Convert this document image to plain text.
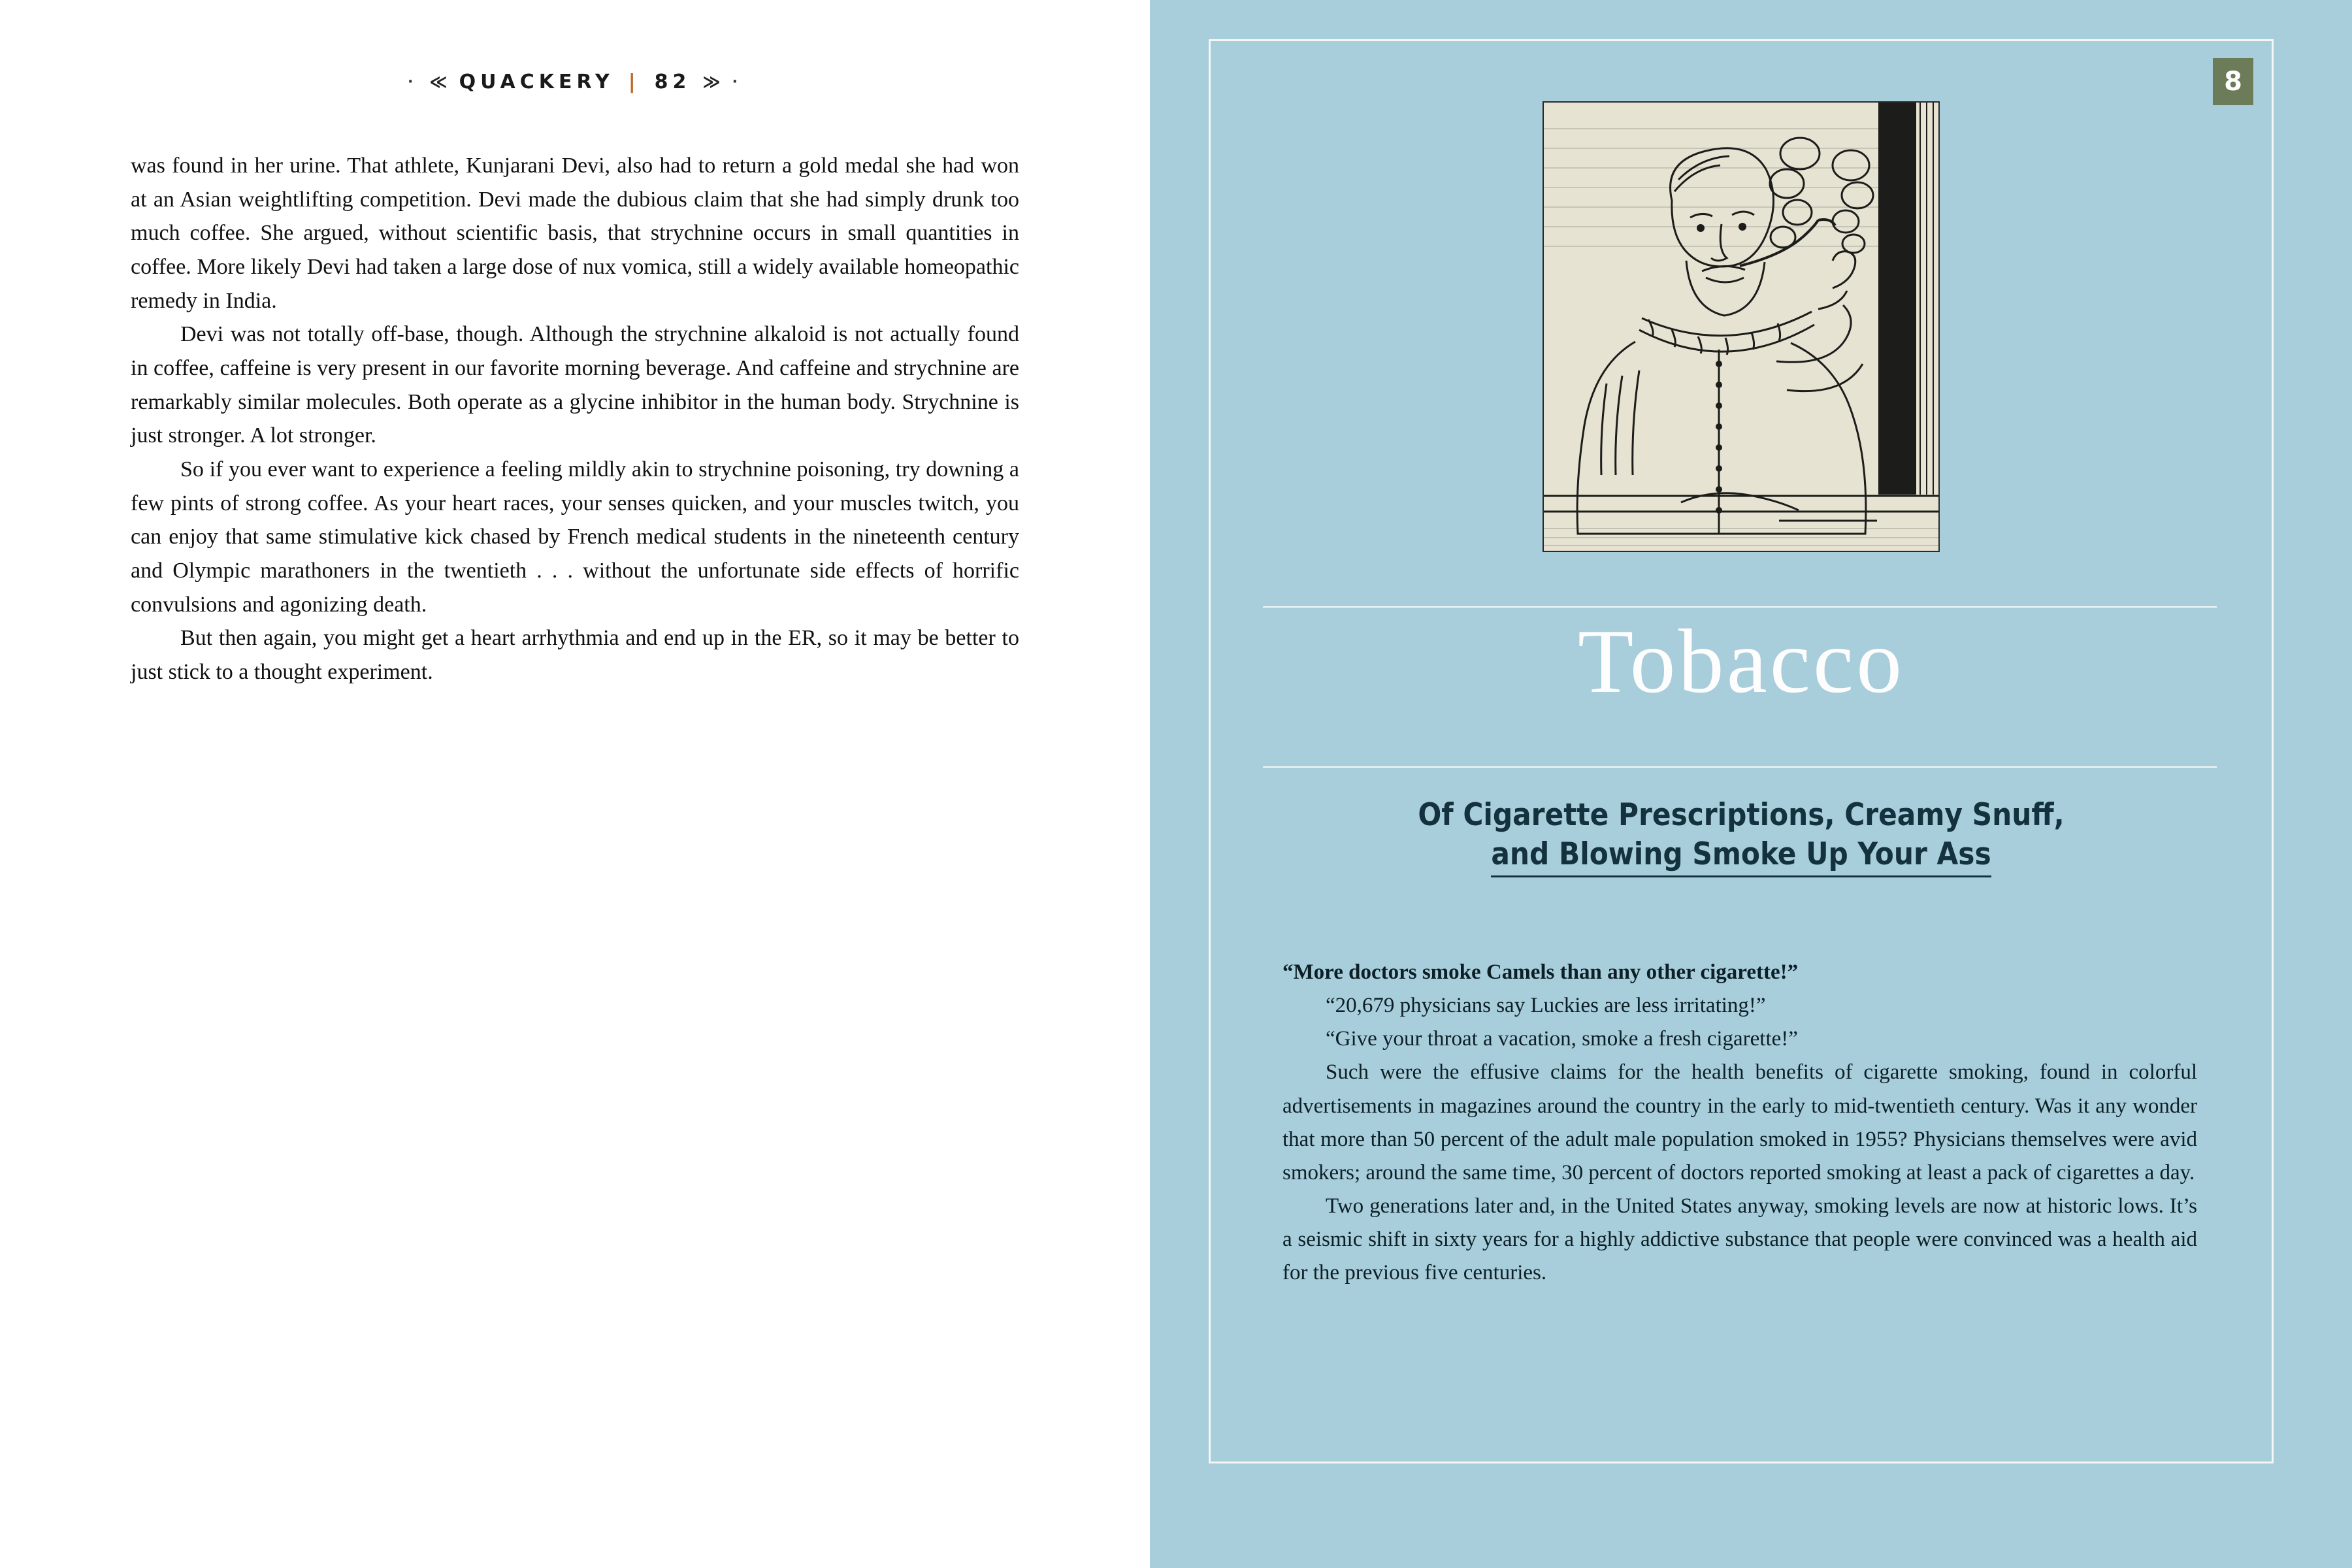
· ≪ QUACKERY | 82 ≫ ·

was found in her urine. That athlete, Kunjarani Devi, also had to return a gold medal she had won at an Asian weightlifting competition. Devi made the dubious claim that she had simply drunk too much coffee. She argued, without scientific basis, that strychnine occurs in small quantities in coffee. More likely Devi had taken a large dose of nux vomica, still a widely available homeopathic remedy in India.

Devi was not totally off-base, though. Although the strychnine alkaloid is not actually found in coffee, caffeine is very present in our favorite morning beverage. And caffeine and strychnine are remarkably similar molecules. Both operate as a glycine inhibitor in the human body. Strychnine is just stronger. A lot stronger.

So if you ever want to experience a feeling mildly akin to strychnine poisoning, try downing a few pints of strong coffee. As your heart races, your senses quicken, and your muscles twitch, you can enjoy that same stimulative kick chased by French medical students in the nineteenth century and Olympic marathoners in the twentieth . . . without the unfortunate side effects of horrific convulsions and agonizing death.

But then again, you might get a heart arrhythmia and end up in the ER, so it may be better to just stick to a thought experiment.

8
Tobacco
Of Cigarette Prescriptions, Creamy Snuff,
and Blowing Smoke Up Your Ass

“More doctors smoke Camels than any other cigarette!”

“20,679 physicians say Luckies are less irritating!”

“Give your throat a vacation, smoke a fresh cigarette!”

Such were the effusive claims for the health benefits of cigarette smoking, found in colorful advertisements in magazines around the country in the early to mid-twentieth century. Was it any wonder that more than 50 percent of the adult male population smoked in 1955? Physicians themselves were avid smokers; around the same time, 30 percent of doctors reported smoking at least a pack of cigarettes a day.

Two generations later and, in the United States anyway, smoking levels are now at historic lows. It’s a seismic shift in sixty years for a highly addictive substance that people were convinced was a health aid for the previous five centuries.
